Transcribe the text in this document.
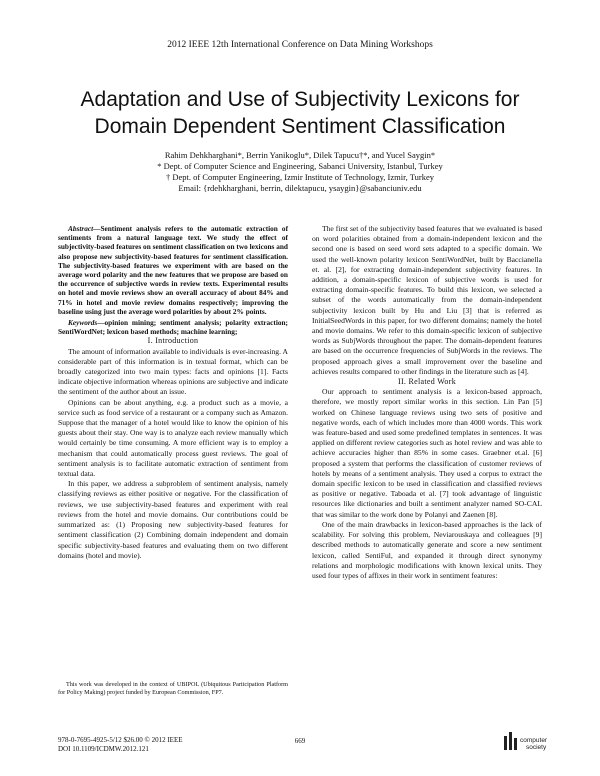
2012 IEEE 12th International Conference on Data Mining Workshops
Adaptation and Use of Subjectivity Lexicons for
Domain Dependent Sentiment Classification
Rahim Dehkharghani*, Berrin Yanikoglu*, Dilek Tapucu†*, and Yucel Saygin*
* Dept. of Computer Science and Engineering, Sabanci University, Istanbul, Turkey
† Dept. of Computer Engineering, Izmir Institute of Technology, Izmir, Turkey
Email: {rdehkharghani, berrin, dilektapucu, ysaygin}@sabanciuniv.edu

Abstract—Sentiment analysis refers to the automatic extraction of sentiments from a natural language text. We study the effect of subjectivity-based features on sentiment classification on two lexicons and also propose new subjectivity-based features for sentiment classification. The subjectivity-based features we experiment with are based on the average word polarity and the new features that we propose are based on the occurrence of subjective words in review texts. Experimental results on hotel and movie reviews show an overall accuracy of about 84% and 71% in hotel and movie review domains respectively; improving the baseline using just the average word polarities by about 2% points.

Keywords—opinion mining; sentiment analysis; polarity extraction; SentiWordNet; lexicon based methods; machine learning;

I. Introduction

The amount of information available to individuals is ever-increasing. A considerable part of this information is in textual format, which can be broadly categorized into two main types: facts and opinions [1]. Facts indicate objective information whereas opinions are subjective and indicate the sentiment of the author about an issue.

Opinions can be about anything, e.g. a product such as a movie, a service such as food service of a restaurant or a company such as Amazon. Suppose that the manager of a hotel would like to know the opinion of his guests about their stay. One way is to analyze each review manually which would certainly be time consuming. A more efficient way is to employ a mechanism that could automatically process guest reviews. The goal of sentiment analysis is to facilitate automatic extraction of sentiment from textual data.

In this paper, we address a subproblem of sentiment analysis, namely classifying reviews as either positive or negative. For the classification of reviews, we use subjectivity-based features and experiment with real reviews from the hotel and movie domains. Our contributions could be summarized as: (1) Proposing new subjectivity-based features for sentiment classification (2) Combining domain independent and domain specific subjectivity-based features and evaluating them on two different domains (hotel and movie).

The first set of the subjectivity based features that we evaluated is based on word polarities obtained from a domain-independent lexicon and the second one is based on seed word sets adapted to a specific domain. We used the well-known polarity lexicon SentiWordNet, built by Baccianella et. al. [2], for extracting domain-independent subjectivity features. In addition, a domain-specific lexicon of subjective words is used for extracting domain-specific features. To build this lexicon, we selected a subset of the words automatically from the domain-independent subjectivity lexicon built by Hu and Liu [3] that is referred as InitialSeedWords in this paper, for two different domains; namely the hotel and movie domains. We refer to this domain-specific lexicon of subjective words as SubjWords throughout the paper. The domain-dependent features are based on the occurrence frequencies of SubjWords in the reviews. The proposed approach gives a small improvement over the baseline and achieves results compared to other findings in the literature such as [4].

II. Related Work

Our approach to sentiment analysis is a lexicon-based approach, therefore, we mostly report similar works in this section. Lin Pan [5] worked on Chinese language reviews using two sets of positive and negative words, each of which includes more than 4000 words. This work was feature-based and used some predefined templates in sentences. It was applied on different review categories such as hotel review and was able to achieve accuracies higher than 85% in some cases. Graebner et.al. [6] proposed a system that performs the classification of customer reviews of hotels by means of a sentiment analysis. They used a corpus to extract the domain specific lexicon to be used in classification and classified reviews as positive or negative. Taboada et al. [7] took advantage of linguistic resources like dictionaries and built a sentiment analyzer named SO-CAL that was similar to the work done by Polanyi and Zaenen [8].

One of the main drawbacks in lexicon-based approaches is the lack of scalability. For solving this problem, Neviarouskaya and colleagues [9] described methods to automatically generate and score a new sentiment lexicon, called SentiFul, and expanded it through direct synonymy relations and morphologic modifications with known lexical units. They used four types of affixes in their work in sentiment features:

This work was developed in the context of UBIPOL (Ubiquitous Participation Platform for Policy Making) project funded by European Commission, FP7.

978-0-7695-4925-5/12 $26.00 © 2012 IEEE
DOI 10.1109/ICDMW.2012.121
669	computer
society
